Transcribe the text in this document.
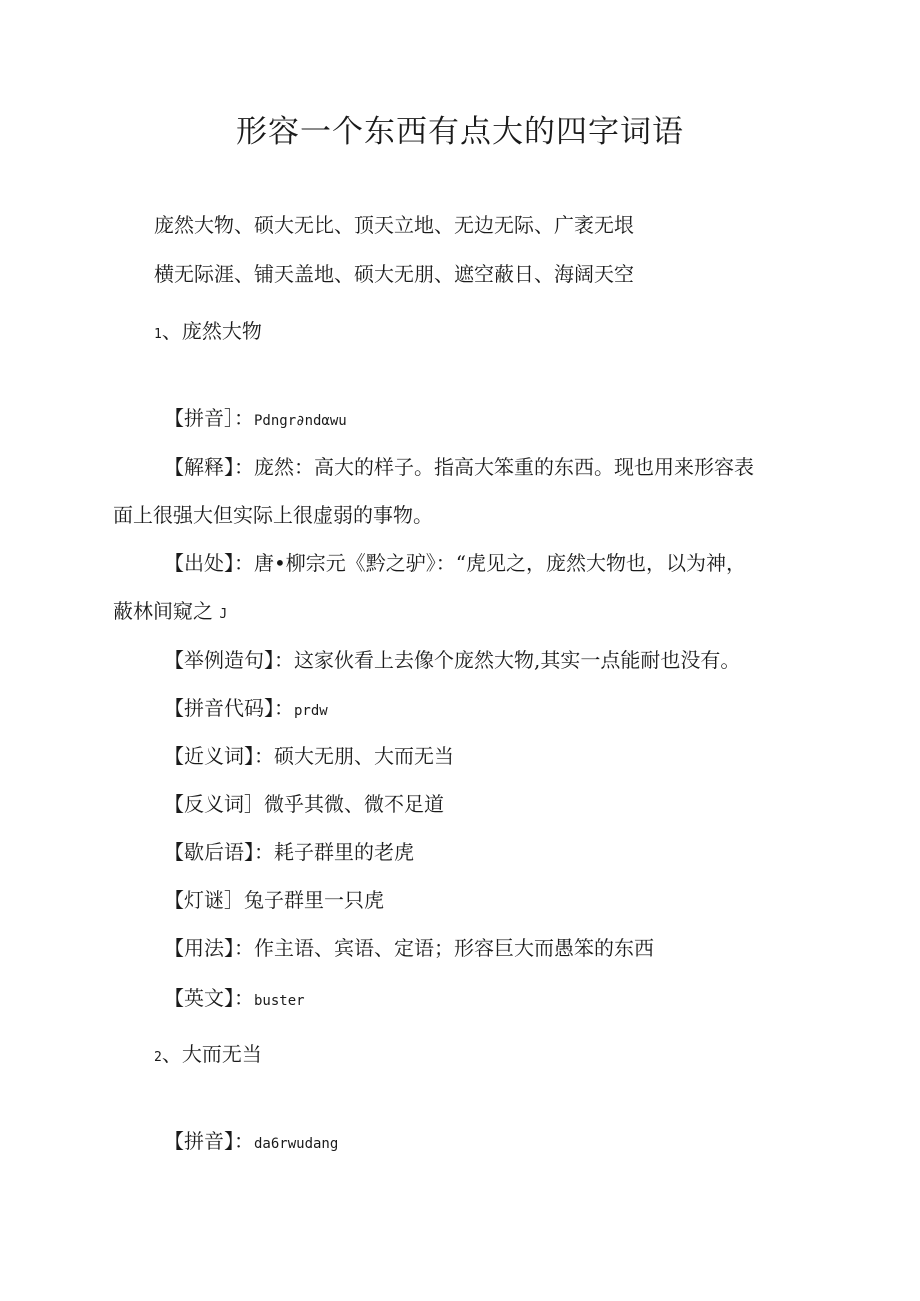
形容一个东西有点大的四字词语
庞然大物、硕大无比、顶天立地、无边无际、广袤无垠
横无际涯、铺天盖地、硕大无朋、遮空蔽日、海阔天空
1、庞然大物
【拼音］：Pdngr∂ndαwu
【解释】：庞然：高大的样子。指高大笨重的东西。现也用来形容表
面上很强大但实际上很虚弱的事物。
【出处】：唐•柳宗元《黔之驴》：“虎见之，庞然大物也，以为神，
蔽林间窥之 J
【举例造句】：这家伙看上去像个庞然大物,其实一点能耐也没有。
【拼音代码】：prdw
【近义词】：硕大无朋、大而无当
【反义词］微乎其微、微不足道
【歇后语】：耗子群里的老虎
【灯谜］兔子群里一只虎
【用法】：作主语、宾语、定语；形容巨大而愚笨的东西
【英文】：buster
2、大而无当
【拼音】：da6rwudang
